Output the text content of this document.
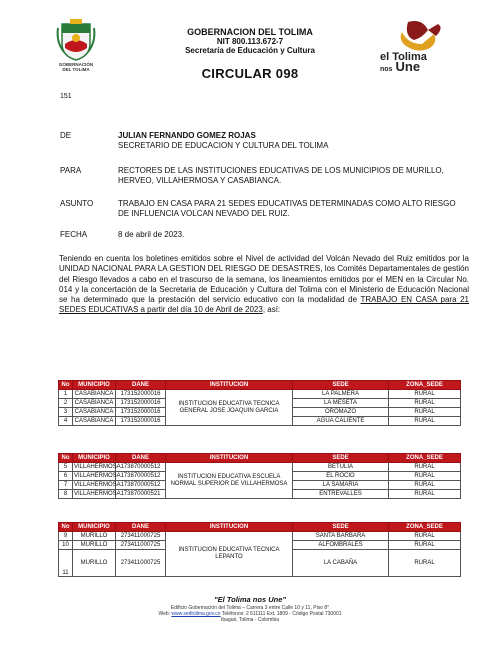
GOBERNACIÓN
DEL TOLIMA
GOBERNACION DEL TOLIMA
NIT 800.113.672-7
Secretaría de Educación y Cultura
CIRCULAR 098
el Tolima
nos Une
151
DE	JULIAN FERNANDO GOMEZ ROJAS
SECRETARIO DE EDUCACION Y CULTURA DEL TOLIMA
PARA	RECTORES DE LAS INSTITUCIONES EDUCATIVAS DE LOS MUNICIPIOS DE MURILLO, HERVEO, VILLAHERMOSA Y CASABIANCA.
ASUNTO	TRABAJO EN CASA PARA 21 SEDES EDUCATIVAS DETERMINADAS COMO ALTO RIESGO DE INFLUENCIA VOLCAN NEVADO DEL RUIZ.
FECHA	8 de abril de 2023.
Teniendo en cuenta los boletines emitidos sobre el Nivel de actividad del Volcán Nevado del Ruiz emitidos por la UNIDAD NACIONAL PARA LA GESTION DEL RIESGO DE DESASTRES, los Comités Departamentales de gestión del Riesgo llevados a cabo en el trascurso de la semana, los lineamientos emitidos por el MEN en la Circular No. 014 y la concertación de la Secretaria de Educación y Cultura del Tolima con el Ministerio de Educación Nacional se ha determinado que la prestación del servicio educativo con la modalidad de TRABAJO EN CASA para 21 SEDES EDUCATIVAS a partir del día 10 de Abril de 2023, así:
No	MUNICIPIO	DANE	INSTITUCION	SEDE	ZONA_SEDE
1	CASABIANCA	173152000016	INSTITUCION EDUCATIVA TECNICA GENERAL JOSE JOAQUIN GARCIA	LA PALMERA	RURAL
2	CASABIANCA	173152000016		LA MESETA	RURAL
3	CASABIANCA	173152000016		OROMAZO	RURAL
4	CASABIANCA	173152000016		AGUA CALIENTE	RURAL
No	MUNICIPIO	DANE	INSTITUCION	SEDE	ZONA_SEDE
5	VILLAHERMOSA	173870000512	INSTITUCION EDUCATIVA ESCUELA NORMAL SUPERIOR DE VILLAHERMOSA	BETULIA	RURAL
6	VILLAHERMOSA	173870000512		EL ROCIO	RURAL
7	VILLAHERMOSA	173870000512		LA SAMARIA	RURAL
8	VILLAHERMOSA	173870000521		ENTREVALLES	RURAL
No	MUNICIPIO	DANE	INSTITUCION	SEDE	ZONA_SEDE
9	MURILLO	273411000725	INSTITUCION EDUCATIVA TECNICA LEPANTO	SANTA BARBARA	RURAL
10	MURILLO	273411000725		ALFOMBRALES	RURAL
11	MURILLO	273411000725		LA CABAÑA	RURAL
"El Tolima nos Une"
Edificio Gobernación del Tolima – Carrera 3 entre Calle 10 y 11, Piso 8°
Web: www.sedtolima.gov.co Teléfonos: 2 611111 Ext. 1809 - Código Postal 730001
Ibagué, Tolima - Colombia
